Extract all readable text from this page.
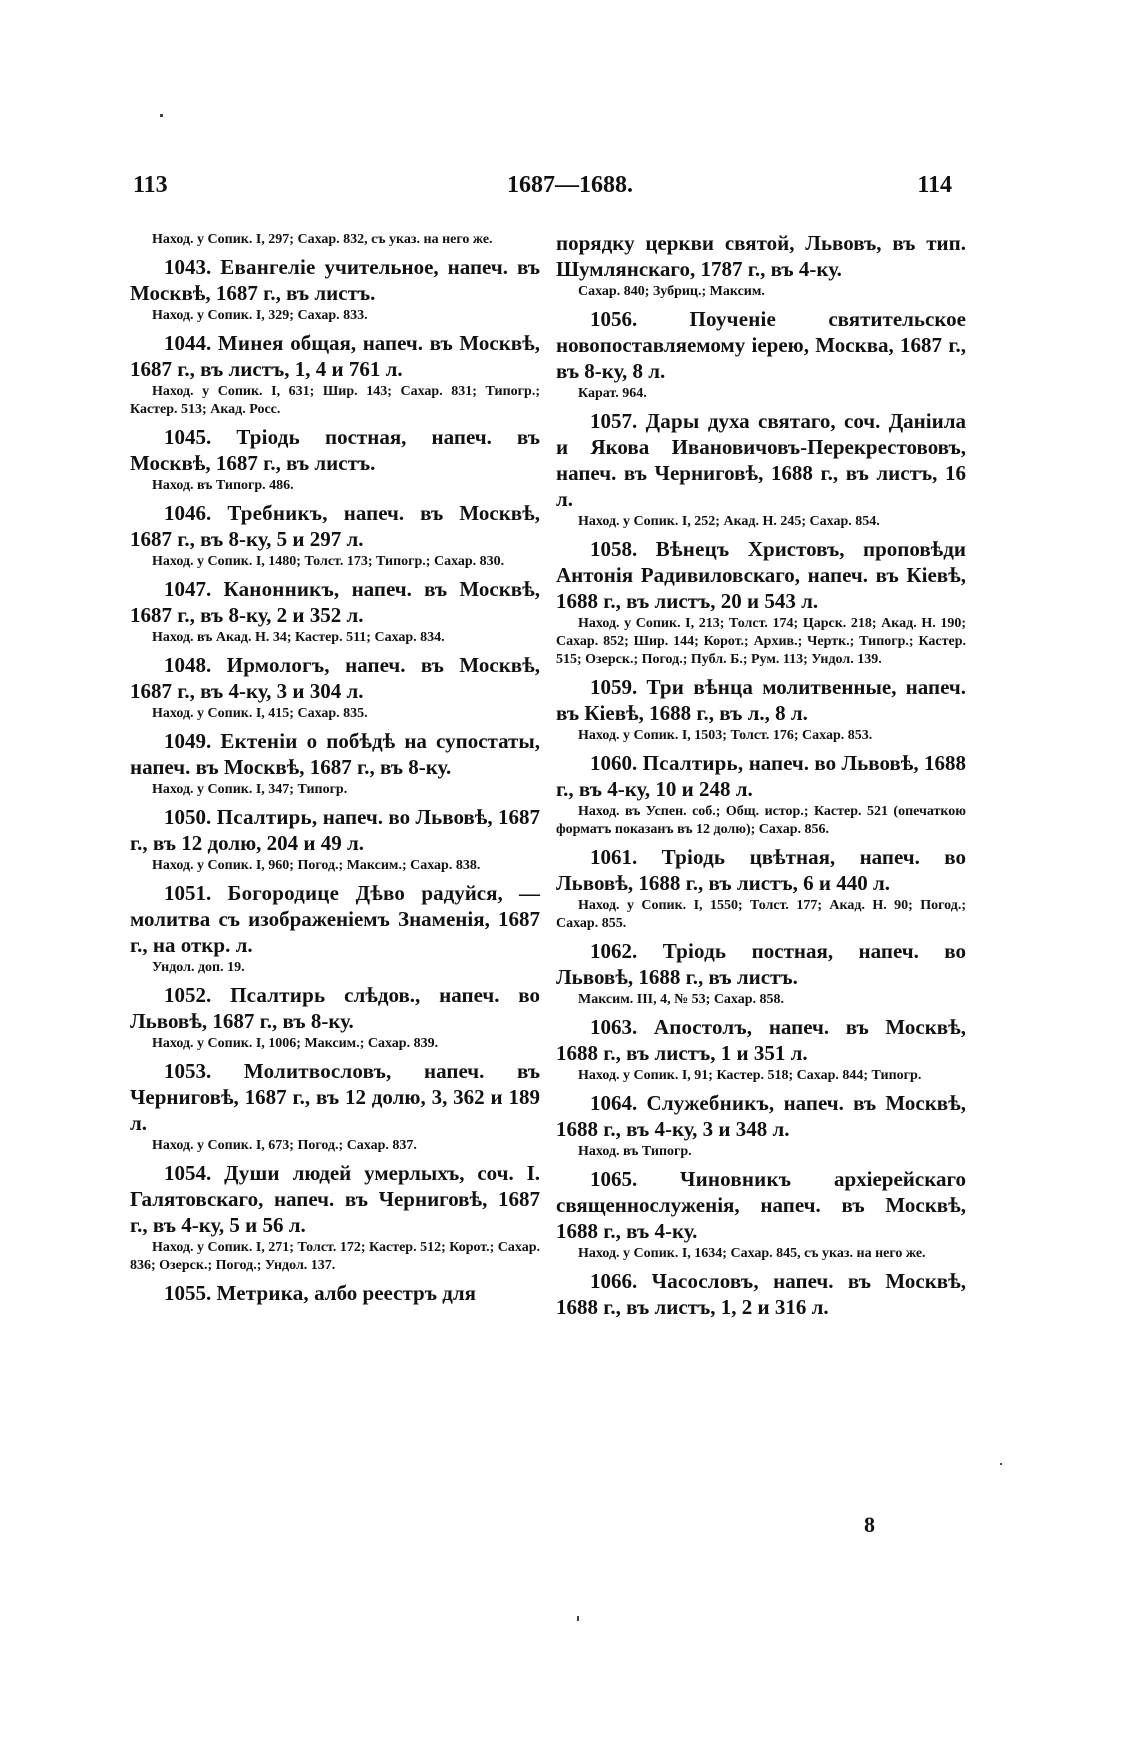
113	1687—1688.	114

Наход. у Сопик. I, 297; Сахар. 832, съ указ. на него же.

1043. Евангеліе учительное, напеч. въ Москвѣ, 1687 г., въ листъ.

Наход. у Сопик. I, 329; Сахар. 833.

1044. Минея общая, напеч. въ Москвѣ, 1687 г., въ листъ, 1, 4 и 761 л.

Наход. у Сопик. I, 631; Шир. 143; Сахар. 831; Типогр.; Кастер. 513; Акад. Росс.

1045. Тріодь постная, напеч. въ Москвѣ, 1687 г., въ листъ.

Наход. въ Типогр. 486.

1046. Требникъ, напеч. въ Москвѣ, 1687 г., въ 8-ку, 5 и 297 л.

Наход. у Сопик. I, 1480; Толст. 173; Типогр.; Сахар. 830.

1047. Канонникъ, напеч. въ Москвѣ, 1687 г., въ 8-ку, 2 и 352 л.

Наход. въ Акад. Н. 34; Кастер. 511; Сахар. 834.

1048. Ирмологъ, напеч. въ Москвѣ, 1687 г., въ 4-ку, 3 и 304 л.

Наход. у Сопик. I, 415; Сахар. 835.

1049. Ектеніи о побѣдѣ на супостаты, напеч. въ Москвѣ, 1687 г., въ 8-ку.

Наход. у Сопик. I, 347; Типогр.

1050. Псалтирь, напеч. во Львовѣ, 1687 г., въ 12 долю, 204 и 49 л.

Наход. у Сопик. I, 960; Погод.; Максим.; Сахар. 838.

1051. Богородице Дѣво радуйся, —молитва съ изображеніемъ Знаменія, 1687 г., на откр. л.

Ундол. доп. 19.

1052. Псалтирь слѣдов., напеч. во Львовѣ, 1687 г., въ 8-ку.

Наход. у Сопик. I, 1006; Максим.; Сахар. 839.

1053. Молитвословъ, напеч. въ Черниговѣ, 1687 г., въ 12 долю, 3, 362 и 189 л.

Наход. у Сопик. I, 673; Погод.; Сахар. 837.

1054. Души людей умерлыхъ, соч. I. Галятовскаго, напеч. въ Черниговѣ, 1687 г., въ 4-ку, 5 и 56 л.

Наход. у Сопик. I, 271; Толст. 172; Кастер. 512; Корот.; Сахар. 836; Озерск.; Погод.; Ундол. 137.

1055. Метрика, албо реестръ для

порядку церкви святой, Львовъ, въ тип. Шумлянскаго, 1787 г., въ 4-ку.

Сахар. 840; Зубриц.; Максим.

1056. Поученіе святительское новопоставляемому іерею, Москва, 1687 г., въ 8-ку, 8 л.

Карат. 964.

1057. Дары духа святаго, соч. Даніила и Якова Ивановичовъ-Перекрестововъ, напеч. въ Черниговѣ, 1688 г., въ листъ, 16 л.

Наход. у Сопик. I, 252; Акад. Н. 245; Сахар. 854.

1058. Вѣнецъ Христовъ, проповѣди Антонія Радивиловскаго, напеч. въ Кіевѣ, 1688 г., въ листъ, 20 и 543 л.

Наход. у Сопик. I, 213; Толст. 174; Царск. 218; Акад. Н. 190; Сахар. 852; Шир. 144; Корот.; Архив.; Чертк.; Типогр.; Кастер. 515; Озерск.; Погод.; Публ. Б.; Рум. 113; Ундол. 139.

1059. Три вѣнца молитвенные, напеч. въ Кіевѣ, 1688 г., въ л., 8 л.

Наход. у Сопик. I, 1503; Толст. 176; Сахар. 853.

1060. Псалтирь, напеч. во Львовѣ, 1688 г., въ 4-ку, 10 и 248 л.

Наход. въ Успен. соб.; Общ. истор.; Кастер. 521 (опечаткою форматъ показанъ въ 12 долю); Сахар. 856.

1061. Тріодь цвѣтная, напеч. во Львовѣ, 1688 г., въ листъ, 6 и 440 л.

Наход. у Сопик. I, 1550; Толст. 177; Акад. Н. 90; Погод.; Сахар. 855.

1062. Тріодь постная, напеч. во Львовѣ, 1688 г., въ листъ.

Максим. III, 4, № 53; Сахар. 858.

1063. Апостолъ, напеч. въ Москвѣ, 1688 г., въ листъ, 1 и 351 л.

Наход. у Сопик. I, 91; Кастер. 518; Сахар. 844; Типогр.

1064. Служебникъ, напеч. въ Москвѣ, 1688 г., въ 4-ку, 3 и 348 л.

Наход. въ Типогр.

1065. Чиновникъ архіерейскаго священнослуженія, напеч. въ Москвѣ, 1688 г., въ 4-ку.

Наход. у Сопик. I, 1634; Сахар. 845, съ указ. на него же.

1066. Часословъ, напеч. въ Москвѣ, 1688 г., въ листъ, 1, 2 и 316 л.

8
